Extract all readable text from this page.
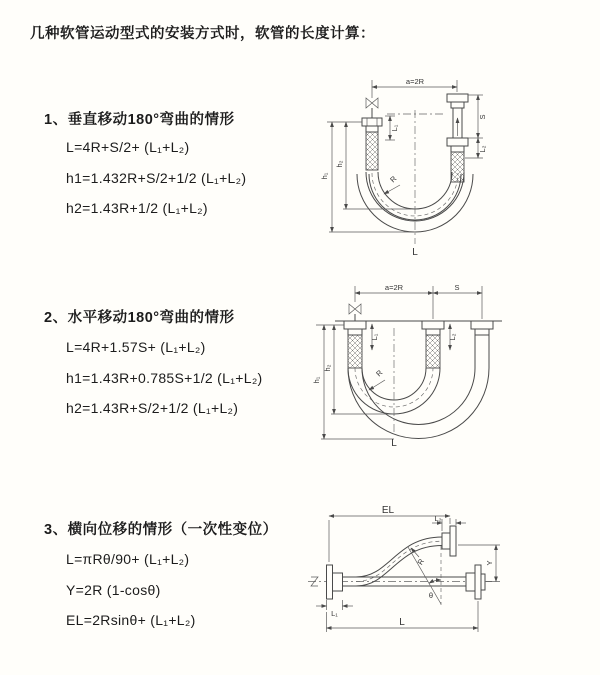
几种软管运动型式的安装方式时，软管的长度计算：
1、垂直移动180°弯曲的情形
L=4R+S/2+ (L₁+L₂)
h1=1.432R+S/2+1/2 (L₁+L₂)
h2=1.43R+1/2 (L₁+L₂)
2、水平移动180°弯曲的情形
L=4R+1.57S+ (L₁+L₂)
h1=1.43R+0.785S+1/2 (L₁+L₂)
h2=1.43R+S/2+1/2 (L₁+L₂)
3、横向位移的情形（一次性变位）
L=πRθ/90+ (L₁+L₂)
Y=2R (1-cosθ)
EL=2Rsinθ+ (L₁+L₂)
a=2R
L₁
S
L₂
h₁
h₂
R
L
a=2R	S
L₁	L₂
h₁
h₂
R
L
EL
L₂
Y
θ
R
L₁
L
